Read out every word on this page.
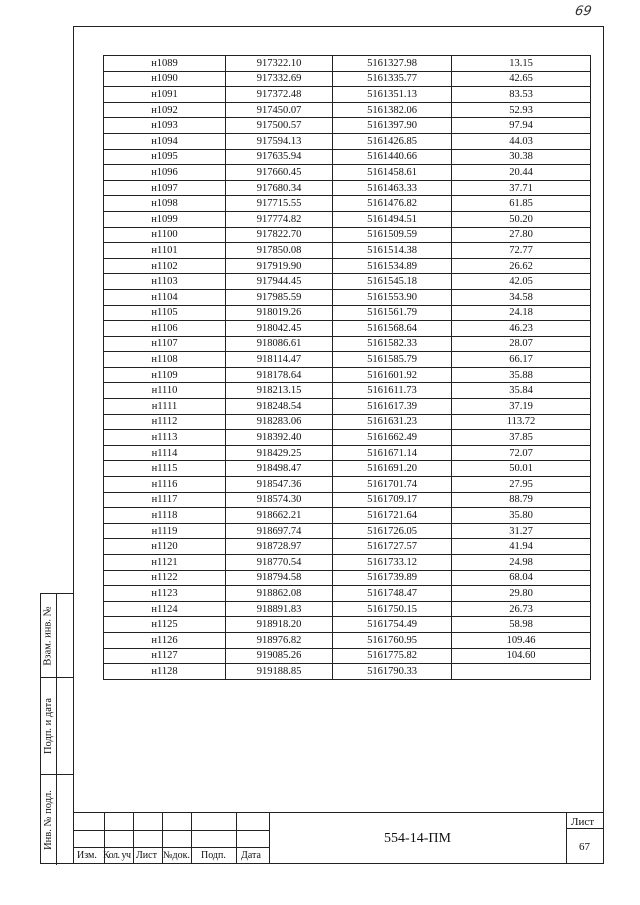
69
н1089	917322.10	5161327.98	13.15
н1090	917332.69	5161335.77	42.65
н1091	917372.48	5161351.13	83.53
н1092	917450.07	5161382.06	52.93
н1093	917500.57	5161397.90	97.94
н1094	917594.13	5161426.85	44.03
н1095	917635.94	5161440.66	30.38
н1096	917660.45	5161458.61	20.44
н1097	917680.34	5161463.33	37.71
н1098	917715.55	5161476.82	61.85
н1099	917774.82	5161494.51	50.20
н1100	917822.70	5161509.59	27.80
н1101	917850.08	5161514.38	72.77
н1102	917919.90	5161534.89	26.62
н1103	917944.45	5161545.18	42.05
н1104	917985.59	5161553.90	34.58
н1105	918019.26	5161561.79	24.18
н1106	918042.45	5161568.64	46.23
н1107	918086.61	5161582.33	28.07
н1108	918114.47	5161585.79	66.17
н1109	918178.64	5161601.92	35.88
н1110	918213.15	5161611.73	35.84
н1111	918248.54	5161617.39	37.19
н1112	918283.06	5161631.23	113.72
н1113	918392.40	5161662.49	37.85
н1114	918429.25	5161671.14	72.07
н1115	918498.47	5161691.20	50.01
н1116	918547.36	5161701.74	27.95
н1117	918574.30	5161709.17	88.79
н1118	918662.21	5161721.64	35.80
н1119	918697.74	5161726.05	31.27
н1120	918728.97	5161727.57	41.94
н1121	918770.54	5161733.12	24.98
н1122	918794.58	5161739.89	68.04
н1123	918862.08	5161748.47	29.80
н1124	918891.83	5161750.15	26.73
н1125	918918.20	5161754.49	58.98
н1126	918976.82	5161760.95	109.46
н1127	919085.26	5161775.82	104.60
н1128	919188.85	5161790.33	
Взам. инв. №
Подп. и дата
Инв. № подл.
Изм. Кол. уч Лист №док. Подп. Дата
554-14-ПМ
Лист
67
